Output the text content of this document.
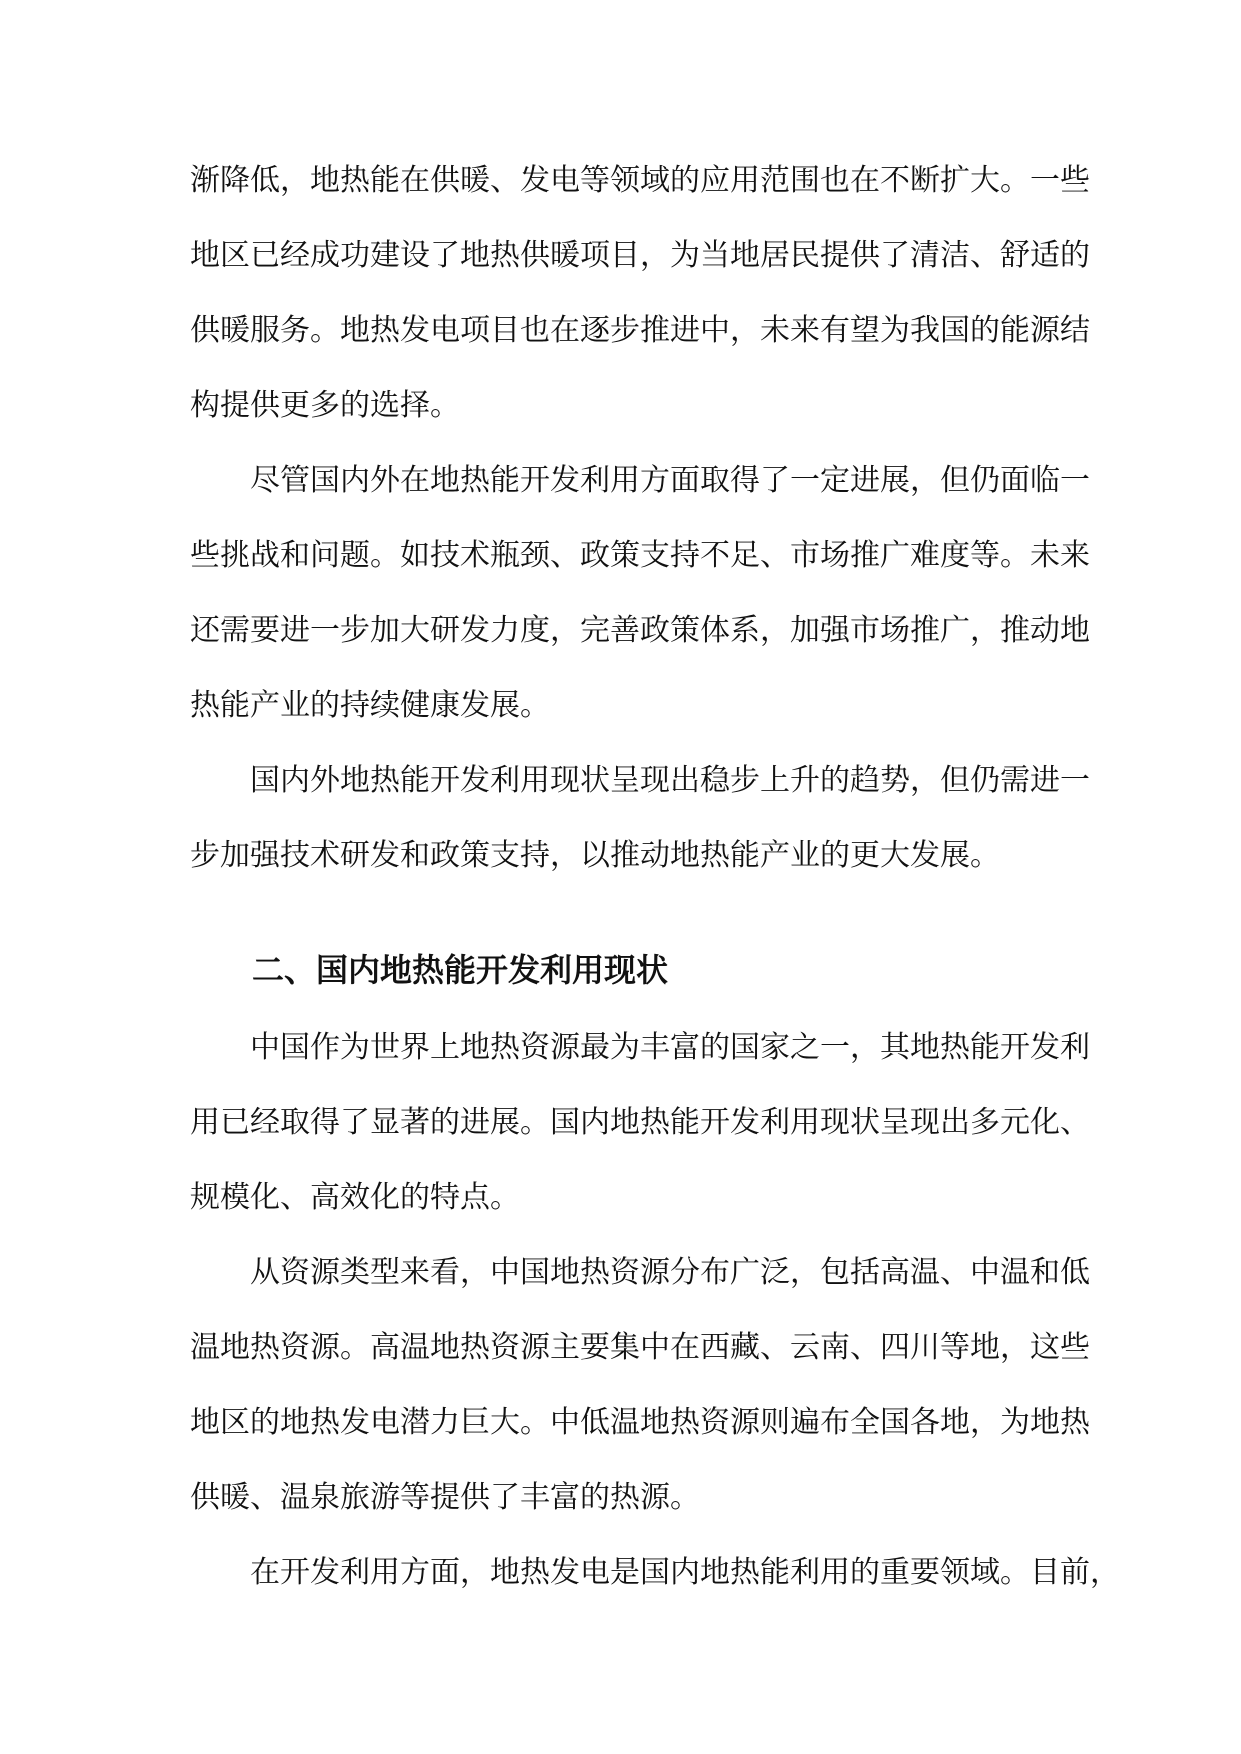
渐降低，地热能在供暖、发电等领域的应用范围也在不断扩大。一些
地区已经成功建设了地热供暖项目，为当地居民提供了清洁、舒适的
供暖服务。地热发电项目也在逐步推进中，未来有望为我国的能源结
构提供更多的选择。
尽管国内外在地热能开发利用方面取得了一定进展，但仍面临一
些挑战和问题。如技术瓶颈、政策支持不足、市场推广难度等。未来
还需要进一步加大研发力度，完善政策体系，加强市场推广，推动地
热能产业的持续健康发展。
国内外地热能开发利用现状呈现出稳步上升的趋势，但仍需进一
步加强技术研发和政策支持，以推动地热能产业的更大发展。
二、国内地热能开发利用现状
中国作为世界上地热资源最为丰富的国家之一，其地热能开发利
用已经取得了显著的进展。国内地热能开发利用现状呈现出多元化、
规模化、高效化的特点。
从资源类型来看，中国地热资源分布广泛，包括高温、中温和低
温地热资源。高温地热资源主要集中在西藏、云南、四川等地，这些
地区的地热发电潜力巨大。中低温地热资源则遍布全国各地，为地热
供暖、温泉旅游等提供了丰富的热源。
在开发利用方面，地热发电是国内地热能利用的重要领域。目前，
